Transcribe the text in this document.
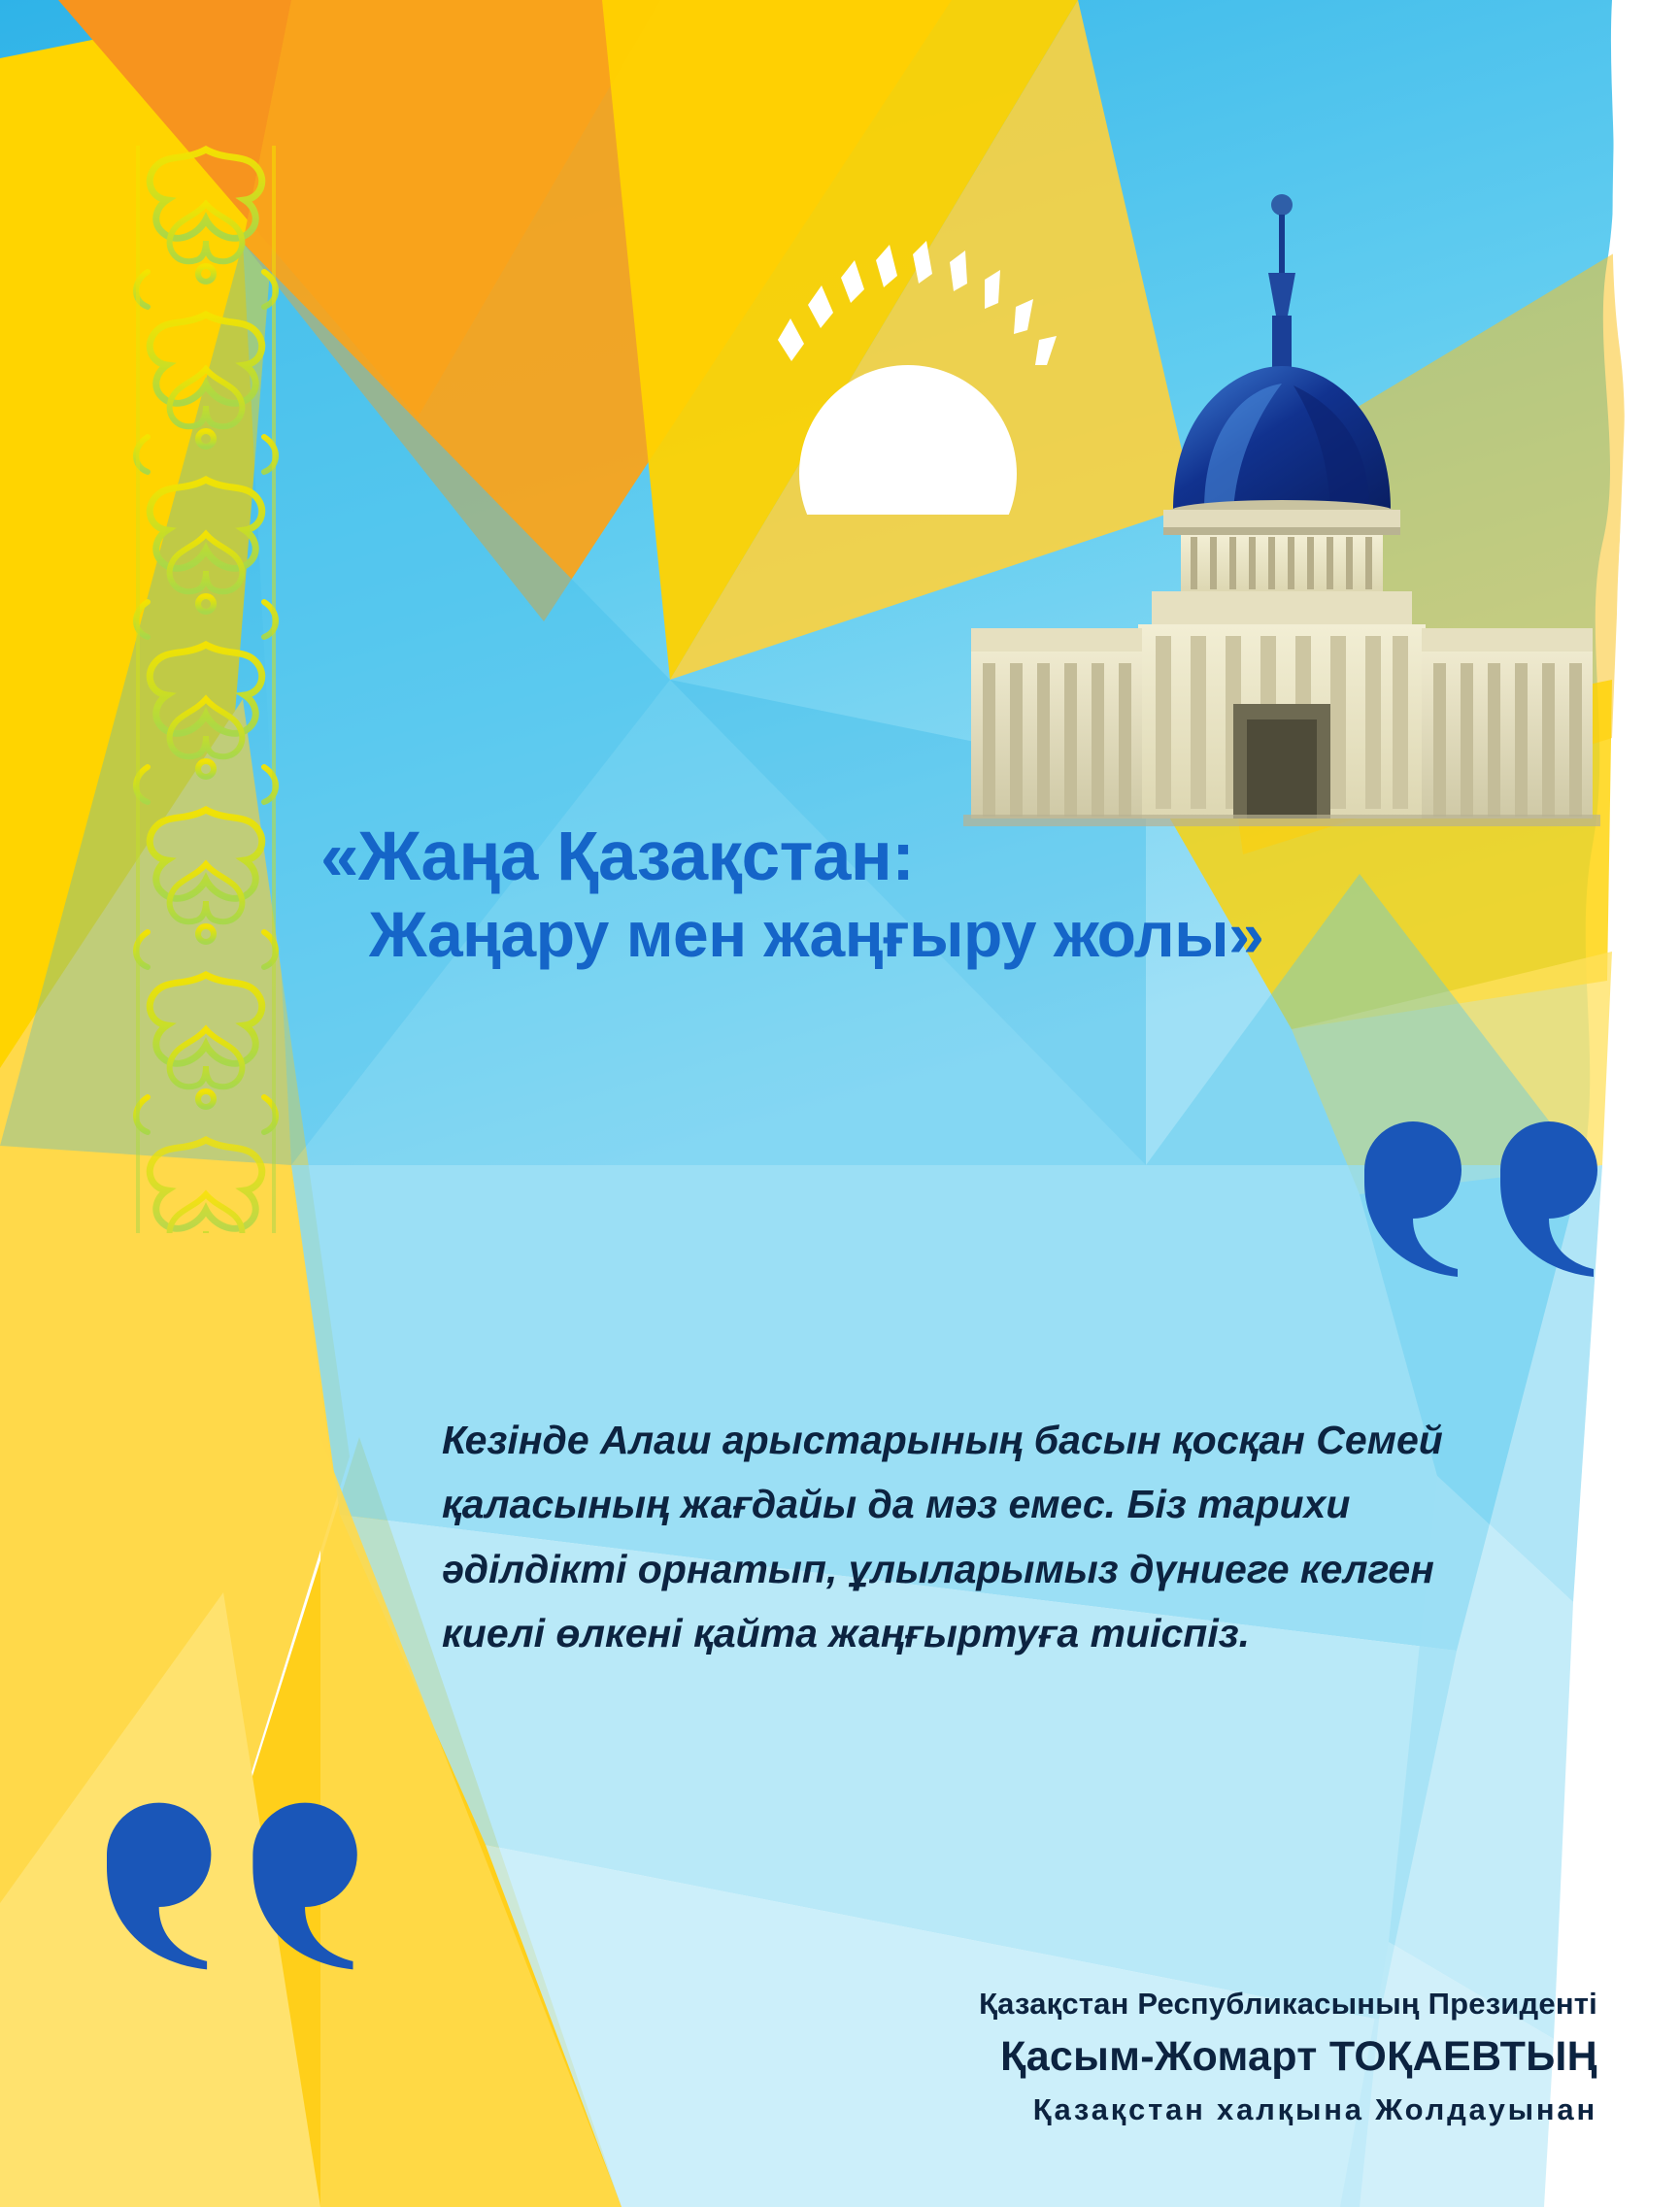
«Жаңа Қазақстан:
Жаңару мен жаңғыру жолы»
Кезінде Алаш арыстарының басын қосқан Семей қаласының жағдайы да мәз емес. Біз тарихи әділдікті орнатып, ұлыларымыз дүниеге келген киелі өлкені қайта жаңғыртуға тиіспіз.
Қазақстан Республикасының Президенті
Қасым-Жомарт ТОҚАЕВТЫҢ
Қазақстан халқына Жолдауынан
